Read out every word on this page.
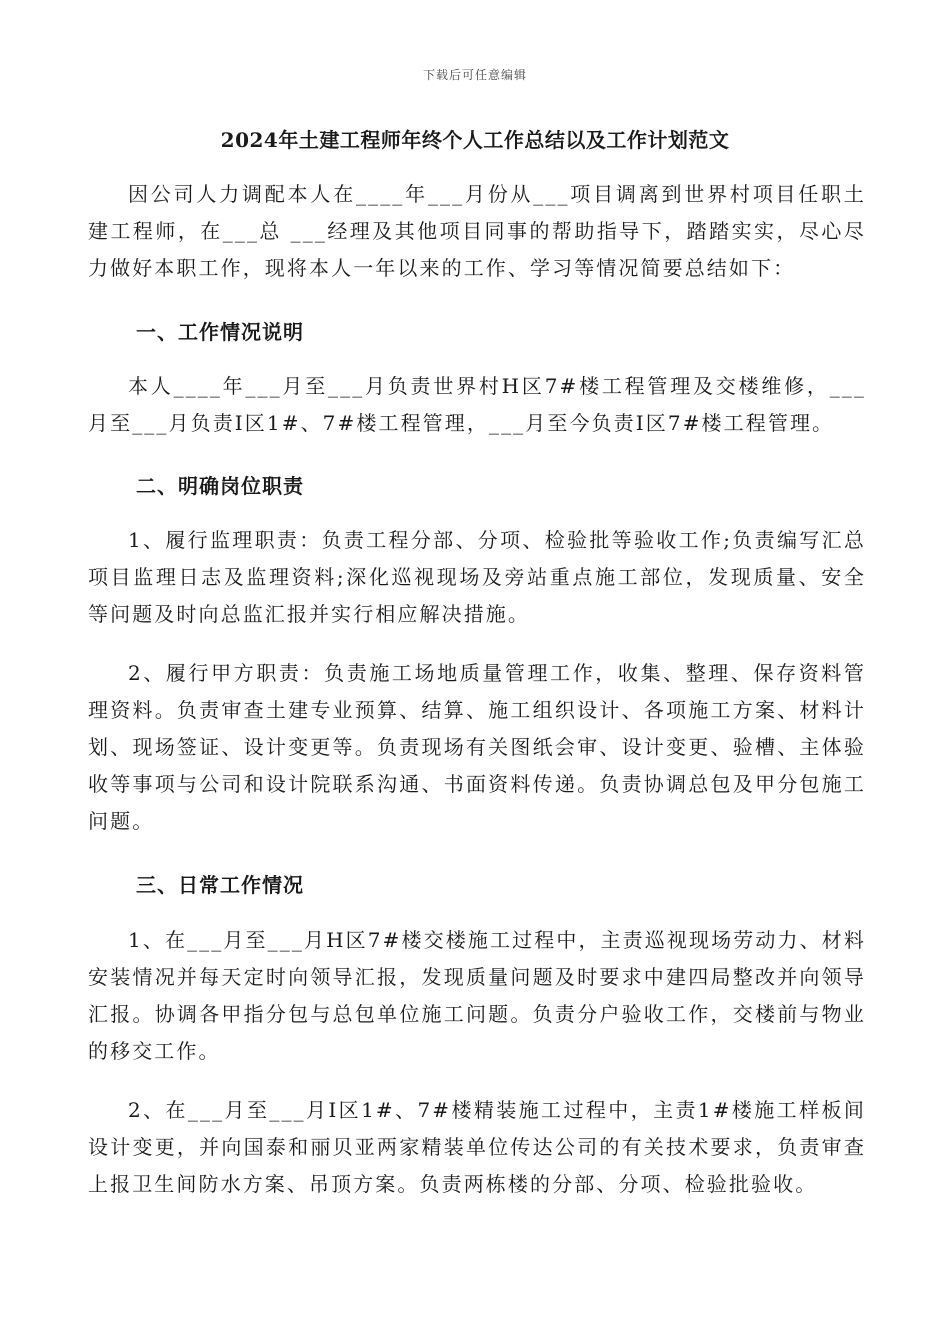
下载后可任意编辑
2024年土建工程师年终个人工作总结以及工作计划范文

因公司人力调配本人在____年___月份从___项目调离到世界村项目任职土建工程师，在___总 ___经理及其他项目同事的帮助指导下，踏踏实实，尽心尽力做好本职工作，现将本人一年以来的工作、学习等情况简要总结如下：

一、工作情况说明

本人____年___月至___月负责世界村H区7#楼工程管理及交楼维修，___月至___月负责I区1#、7#楼工程管理，___月至今负责I区7#楼工程管理。

二、明确岗位职责

1、履行监理职责：负责工程分部、分项、检验批等验收工作;负责编写汇总项目监理日志及监理资料;深化巡视现场及旁站重点施工部位，发现质量、安全等问题及时向总监汇报并实行相应解决措施。

2、履行甲方职责：负责施工场地质量管理工作，收集、整理、保存资料管理资料。负责审查土建专业预算、结算、施工组织设计、各项施工方案、材料计划、现场签证、设计变更等。负责现场有关图纸会审、设计变更、验槽、主体验收等事项与公司和设计院联系沟通、书面资料传递。负责协调总包及甲分包施工问题。

三、日常工作情况

1、在___月至___月H区7#楼交楼施工过程中，主责巡视现场劳动力、材料安装情况并每天定时向领导汇报，发现质量问题及时要求中建四局整改并向领导汇报。协调各甲指分包与总包单位施工问题。负责分户验收工作，交楼前与物业的移交工作。

2、在___月至___月I区1#、7#楼精装施工过程中，主责1#楼施工样板间设计变更，并向国泰和丽贝亚两家精装单位传达公司的有关技术要求，负责审查上报卫生间防水方案、吊顶方案。负责两栋楼的分部、分项、检验批验收。
